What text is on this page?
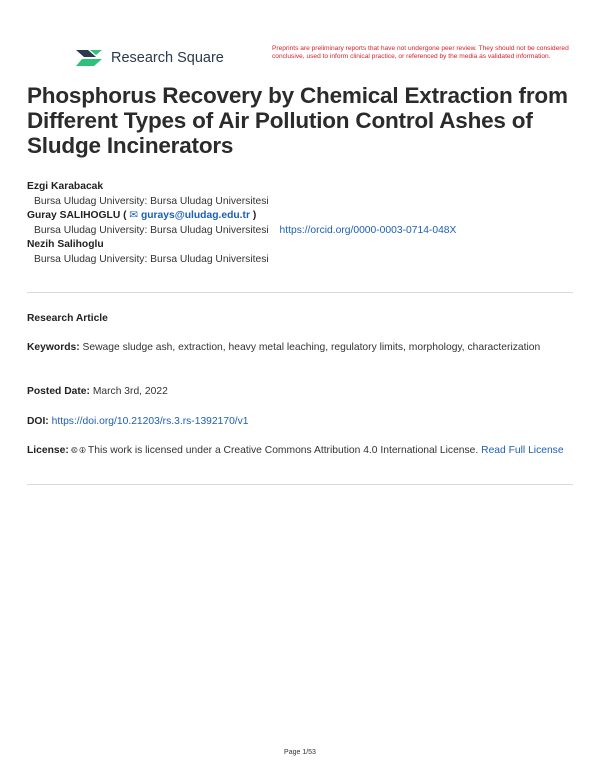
Research Square
Preprints are preliminary reports that have not undergone peer review. They should not be considered conclusive, used to inform clinical practice, or referenced by the media as validated information.
Phosphorus Recovery by Chemical Extraction from Different Types of Air Pollution Control Ashes of Sludge Incinerators
Ezgi Karabacak
Bursa Uludag University: Bursa Uludag Universitesi
Guray SALIHOGLU ( ✉ gurays@uludag.edu.tr )
Bursa Uludag University: Bursa Uludag Universitesi https://orcid.org/0000-0003-0714-048X
Nezih Salihoglu
Bursa Uludag University: Bursa Uludag Universitesi
Research Article
Keywords: Sewage sludge ash, extraction, heavy metal leaching, regulatory limits, morphology, characterization
Posted Date: March 3rd, 2022
DOI: https://doi.org/10.21203/rs.3.rs-1392170/v1
License: 🅭 🅯 This work is licensed under a Creative Commons Attribution 4.0 International License. Read Full License
Page 1/53
